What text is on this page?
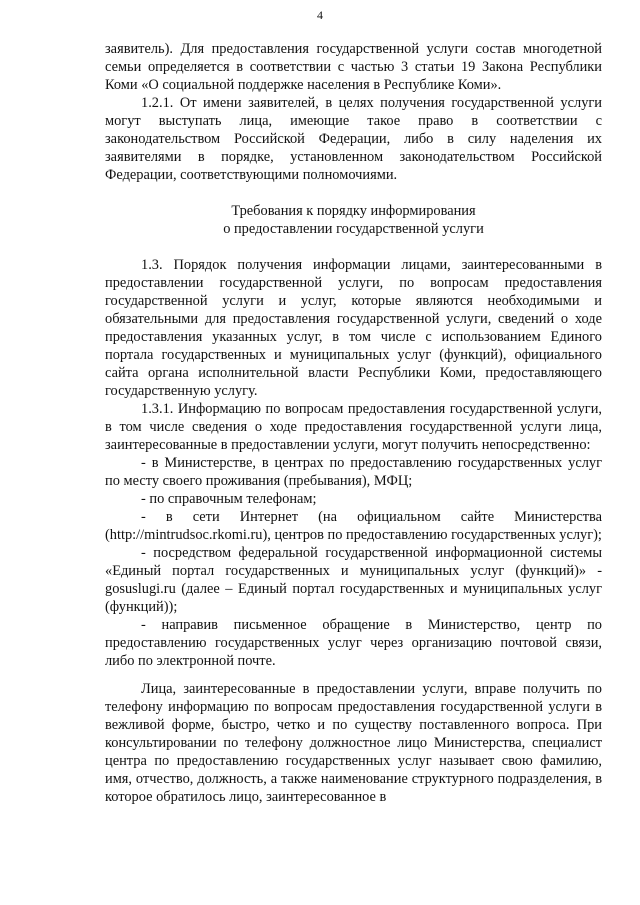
4

заявитель). Для предоставления государственной услуги состав многодетной семьи определяется в соответствии с частью 3 статьи 19 Закона Республики Коми «О социальной поддержке населения в Республике Коми».

1.2.1. От имени заявителей, в целях получения государственной услуги могут выступать лица, имеющие такое право в соответствии с законодательством Российской Федерации, либо в силу наделения их заявителями в порядке, установленном законодательством Российской Федерации, соответствующими полномочиями.

Требования к порядку информирования
о предоставлении государственной услуги

1.3. Порядок получения информации лицами, заинтересованными в предоставлении государственной услуги, по вопросам предоставления государственной услуги и услуг, которые являются необходимыми и обязательными для предоставления государственной услуги, сведений о ходе предоставления указанных услуг, в том числе с использованием Единого портала государственных и муниципальных услуг (функций), официального сайта органа исполнительной власти Республики Коми, предоставляющего государственную услугу.

1.3.1. Информацию по вопросам предоставления государственной услуги, в том числе сведения о ходе предоставления государственной услуги лица, заинтересованные в предоставлении услуги, могут получить непосредственно:

- в Министерстве, в центрах по предоставлению государственных услуг по месту своего проживания (пребывания), МФЦ;

- по справочным телефонам;

- в сети Интернет (на официальном сайте Министерства (http://mintrudsoc.rkomi.ru), центров по предоставлению государственных услуг);

- посредством федеральной государственной информационной системы «Единый портал государственных и муниципальных услуг (функций)» - gosuslugi.ru (далее – Единый портал государственных и муниципальных услуг (функций));

- направив письменное обращение в Министерство, центр по предоставлению государственных услуг через организацию почтовой связи, либо по электронной почте.

Лица, заинтересованные в предоставлении услуги, вправе получить по телефону информацию по вопросам предоставления государственной услуги в вежливой форме, быстро, четко и по существу поставленного вопроса. При консультировании по телефону должностное лицо Министерства, специалист центра по предоставлению государственных услуг называет свою фамилию, имя, отчество, должность, а также наименование структурного подразделения, в которое обратилось лицо, заинтересованное в
